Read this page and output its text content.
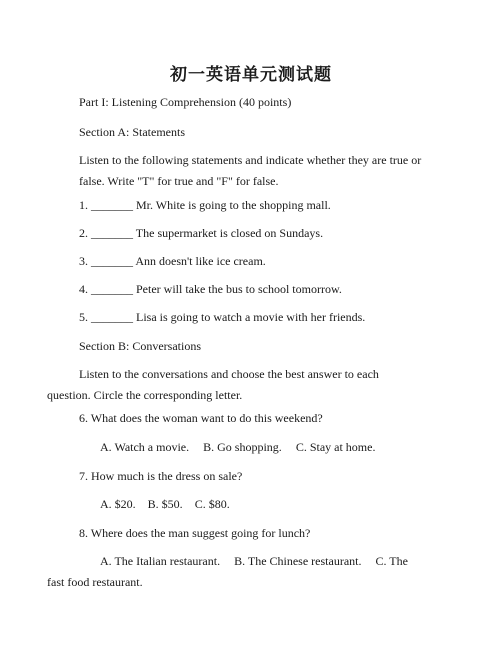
初一英语单元测试题

Part I: Listening Comprehension (40 points)

Section A: Statements

Listen to the following statements and indicate whether they are true or false. Write "T" for true and "F" for false.

1. _______ Mr. White is going to the shopping mall.

2. _______ The supermarket is closed on Sundays.

3. _______ Ann doesn't like ice cream.

4. _______ Peter will take the bus to school tomorrow.

5. _______ Lisa is going to watch a movie with her friends.

Section B: Conversations

Listen to the conversations and choose the best answer to each question. Circle the corresponding letter.

6. What does the woman want to do this weekend?

A. Watch a movie. B. Go shopping. C. Stay at home.

7. How much is the dress on sale?

A. $20. B. $50. C. $80.

8. Where does the man suggest going for lunch?

A. The Italian restaurant. B. The Chinese restaurant. C. The fast food restaurant.
